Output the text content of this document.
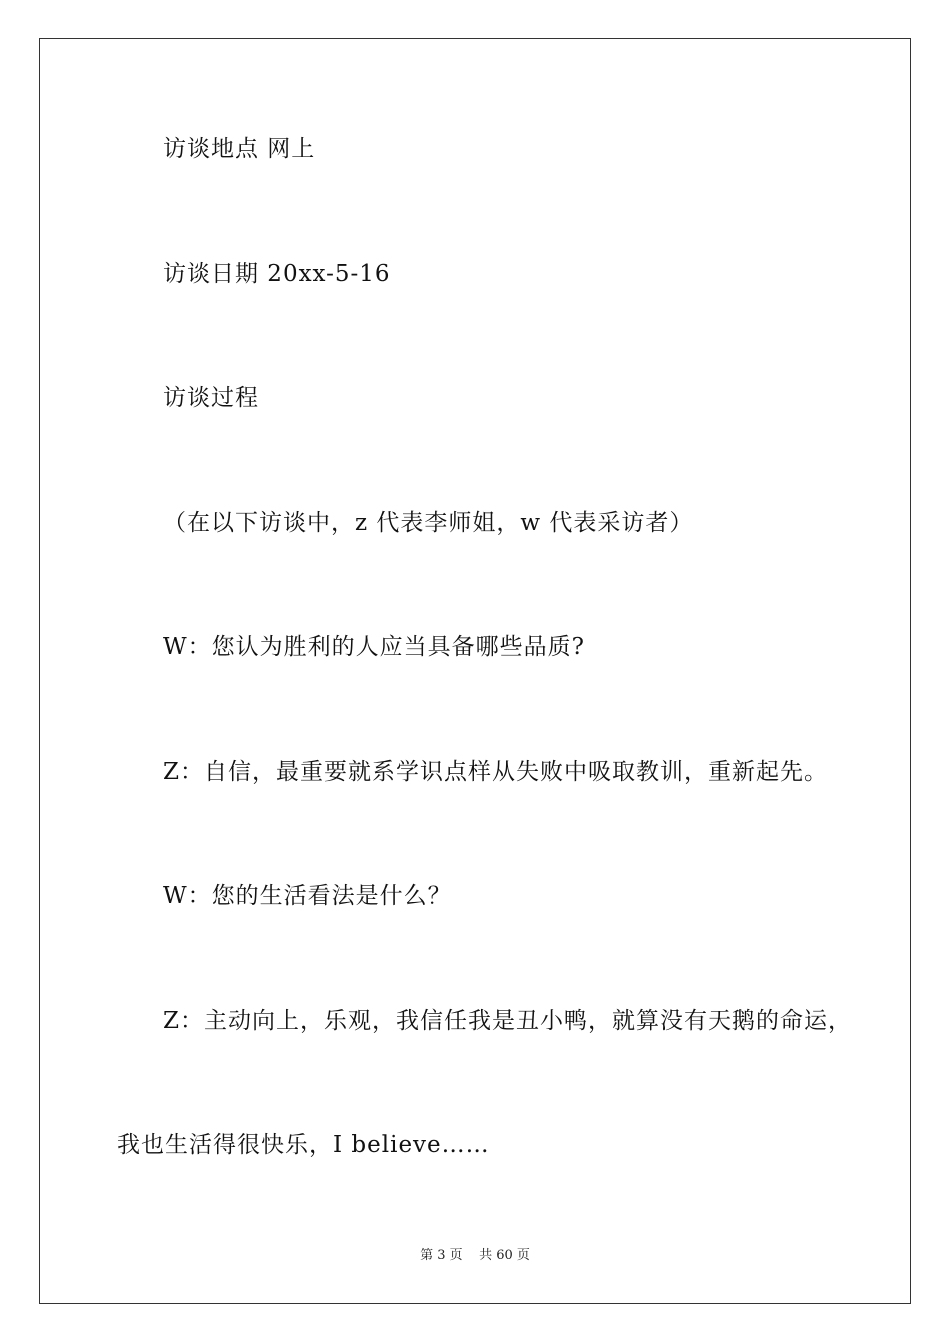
访谈地点 网上
访谈日期 20xx-5-16
访谈过程
（在以下访谈中，z 代表李师姐，w 代表采访者）
W：您认为胜利的人应当具备哪些品质?
Z：自信，最重要就系学识点样从失败中吸取教训，重新起先。
W：您的生活看法是什么？
Z：主动向上，乐观，我信任我是丑小鸭，就算没有天鹅的命运，
我也生活得很快乐，I believe……
第 3 页    共 60 页
